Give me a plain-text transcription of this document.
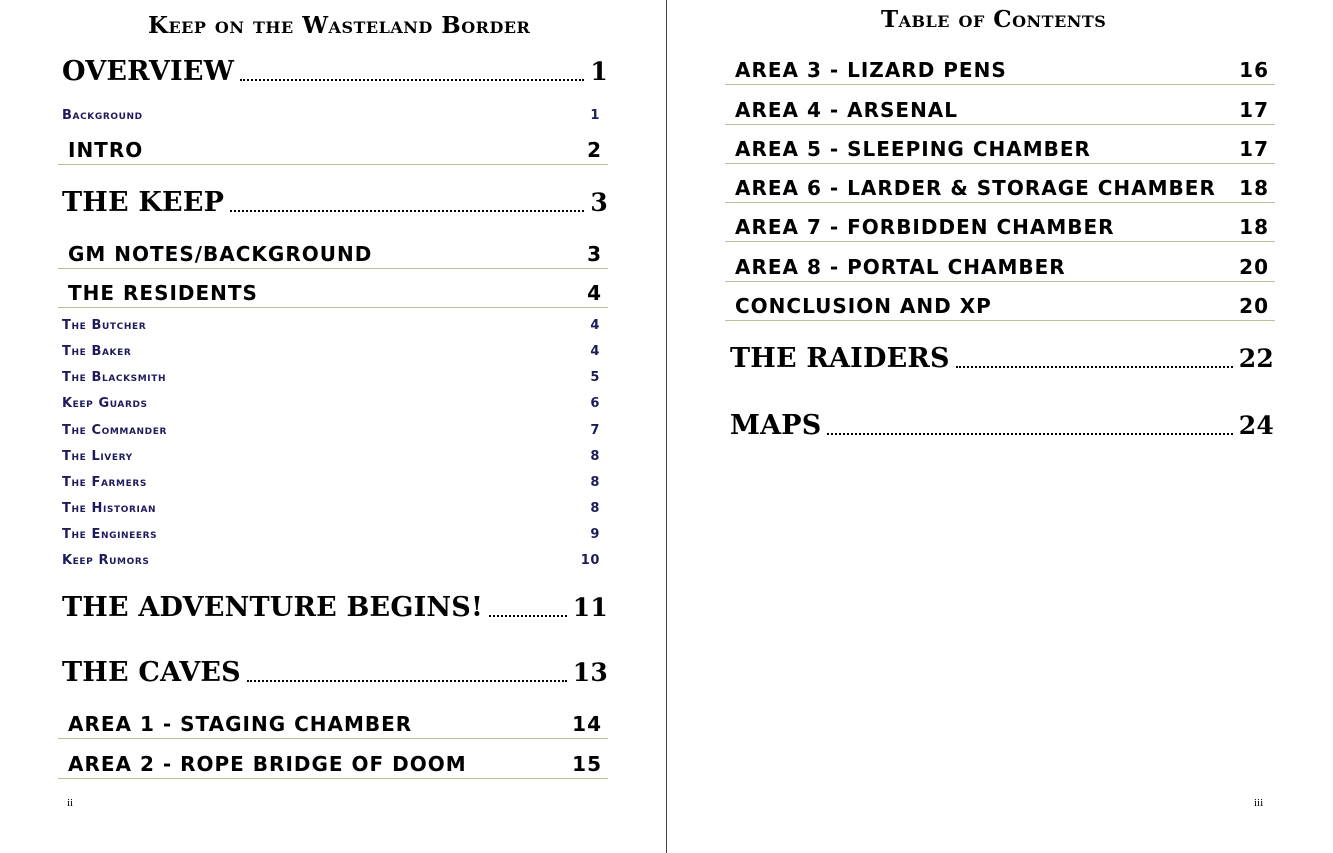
Keep on the Wasteland Border
OVERVIEW	1
Background	1
INTRO	2
THE KEEP	3
GM NOTES/BACKGROUND	3
THE RESIDENTS	4
The Butcher	4
The Baker	4
The Blacksmith	5
Keep Guards	6
The Commander	7
The Livery	8
The Farmers	8
The Historian	8
The Engineers	9
Keep Rumors	10
THE ADVENTURE BEGINS!	11
THE CAVES	13
AREA 1 - STAGING CHAMBER	14
AREA 2 - ROPE BRIDGE OF DOOM	15
ii
Table of Contents
AREA 3 - LIZARD PENS	16
AREA 4 - ARSENAL	17
AREA 5 - SLEEPING CHAMBER	17
AREA 6 - LARDER & STORAGE CHAMBER 18
AREA 7 - FORBIDDEN CHAMBER	18
AREA 8 - PORTAL CHAMBER	20
CONCLUSION AND XP	20
THE RAIDERS	22
MAPS	24
iii
